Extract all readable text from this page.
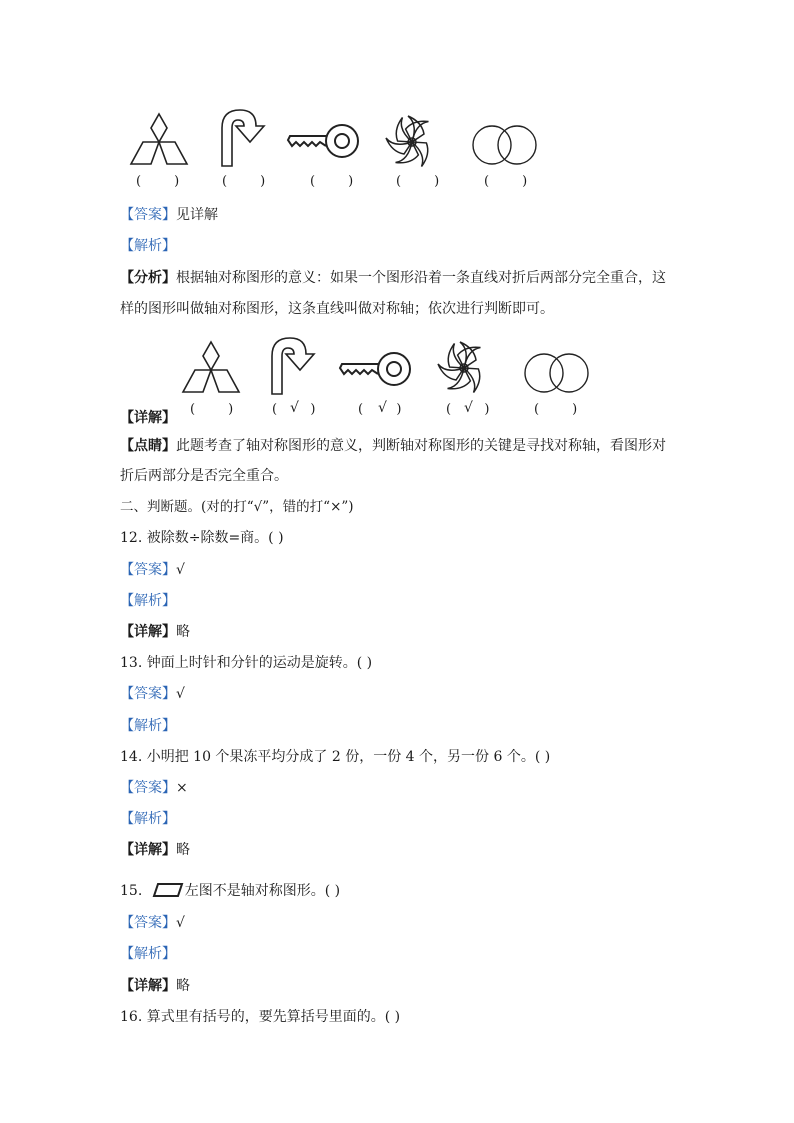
(        )	(        )	(        )	(        )	(        )
【答案】见详解
【解析】
【分析】根据轴对称图形的意义：如果一个图形沿着一条直线对折后两部分完全重合，这
样的图形叫做轴对称图形，这条直线叫做对称轴；依次进行判断即可。
(        )	( √ )	( √
)	( √ )	(        )
【详解】
【点睛】此题考查了轴对称图形的意义，判断轴对称图形的关键是寻找对称轴，看图形对
折后两部分是否完全重合。
二、判断题。(对的打“√”，错的打“×”)
12. 被除数÷除数=商。( )
【答案】√
【解析】
【详解】略
13. 钟面上时针和分针的运动是旋转。( )
【答案】√
【解析】
14. 小明把 10 个果冻平均分成了 2 份，一份 4 个，另一份 6 个。( )
【答案】×
【解析】
【详解】略
15.	左图不是轴对称图形。( )
【答案】√
【解析】
【详解】略
16. 算式里有括号的，要先算括号里面的。( )
